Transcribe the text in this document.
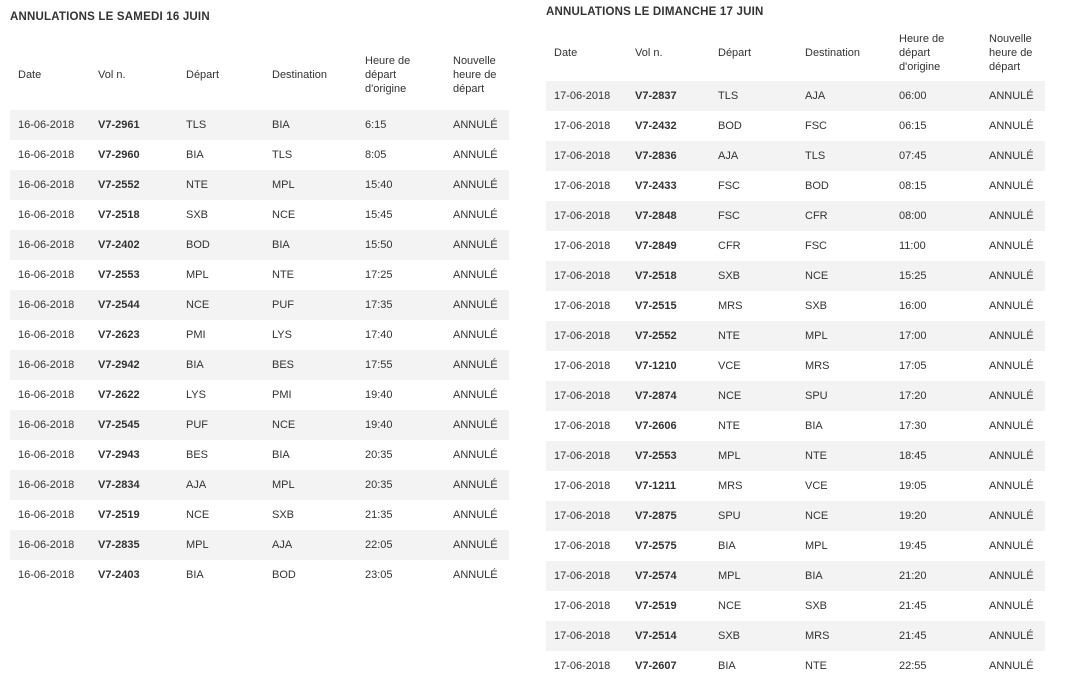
ANNULATIONS LE SAMEDI 16 JUIN
Date	Vol n.	Départ	Destination	Heure de
départ
d'origine	Nouvelle
heure de
départ
16-06-2018	V7-2961	TLS	BIA	6:15	ANNULÉ
16-06-2018	V7-2960	BIA	TLS	8:05	ANNULÉ
16-06-2018	V7-2552	NTE	MPL	15:40	ANNULÉ
16-06-2018	V7-2518	SXB	NCE	15:45	ANNULÉ
16-06-2018	V7-2402	BOD	BIA	15:50	ANNULÉ
16-06-2018	V7-2553	MPL	NTE	17:25	ANNULÉ
16-06-2018	V7-2544	NCE	PUF	17:35	ANNULÉ
16-06-2018	V7-2623	PMI	LYS	17:40	ANNULÉ
16-06-2018	V7-2942	BIA	BES	17:55	ANNULÉ
16-06-2018	V7-2622	LYS	PMI	19:40	ANNULÉ
16-06-2018	V7-2545	PUF	NCE	19:40	ANNULÉ
16-06-2018	V7-2943	BES	BIA	20:35	ANNULÉ
16-06-2018	V7-2834	AJA	MPL	20:35	ANNULÉ
16-06-2018	V7-2519	NCE	SXB	21:35	ANNULÉ
16-06-2018	V7-2835	MPL	AJA	22:05	ANNULÉ
16-06-2018	V7-2403	BIA	BOD	23:05	ANNULÉ
ANNULATIONS LE DIMANCHE 17 JUIN
Date	Vol n.	Départ	Destination	Heure de
départ
d'origine	Nouvelle
heure de
départ
17-06-2018	V7-2837	TLS	AJA	06:00	ANNULÉ
17-06-2018	V7-2432	BOD	FSC	06:15	ANNULÉ
17-06-2018	V7-2836	AJA	TLS	07:45	ANNULÉ
17-06-2018	V7-2433	FSC	BOD	08:15	ANNULÉ
17-06-2018	V7-2848	FSC	CFR	08:00	ANNULÉ
17-06-2018	V7-2849	CFR	FSC	11:00	ANNULÉ
17-06-2018	V7-2518	SXB	NCE	15:25	ANNULÉ
17-06-2018	V7-2515	MRS	SXB	16:00	ANNULÉ
17-06-2018	V7-2552	NTE	MPL	17:00	ANNULÉ
17-06-2018	V7-1210	VCE	MRS	17:05	ANNULÉ
17-06-2018	V7-2874	NCE	SPU	17:20	ANNULÉ
17-06-2018	V7-2606	NTE	BIA	17:30	ANNULÉ
17-06-2018	V7-2553	MPL	NTE	18:45	ANNULÉ
17-06-2018	V7-1211	MRS	VCE	19:05	ANNULÉ
17-06-2018	V7-2875	SPU	NCE	19:20	ANNULÉ
17-06-2018	V7-2575	BIA	MPL	19:45	ANNULÉ
17-06-2018	V7-2574	MPL	BIA	21:20	ANNULÉ
17-06-2018	V7-2519	NCE	SXB	21:45	ANNULÉ
17-06-2018	V7-2514	SXB	MRS	21:45	ANNULÉ
17-06-2018	V7-2607	BIA	NTE	22:55	ANNULÉ
